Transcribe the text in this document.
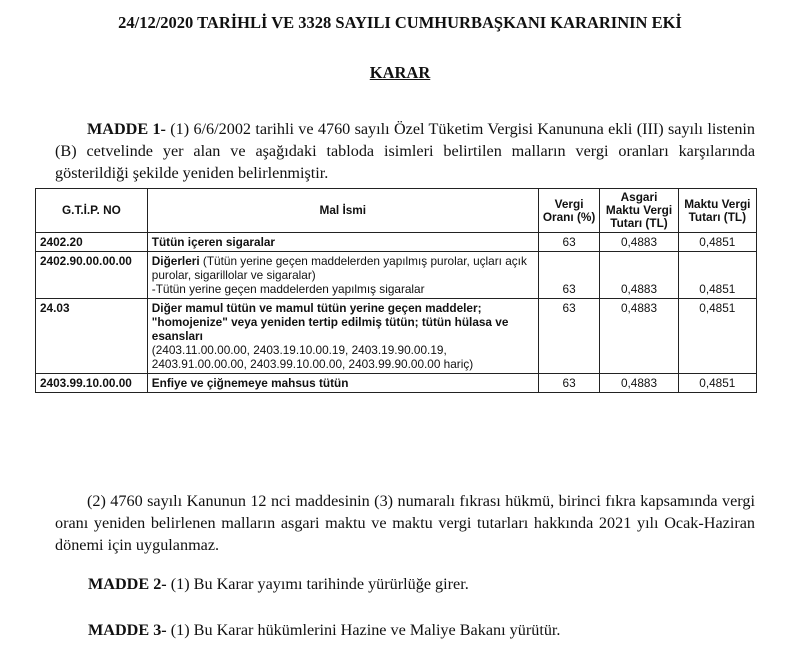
24/12/2020 TARİHLİ VE 3328 SAYILI CUMHURBAŞKANI KARARININ EKİ
KARAR
MADDE 1- (1) 6/6/2002 tarihli ve 4760 sayılı Özel Tüketim Vergisi Kanununa ekli (III) sayılı listenin (B) cetvelinde yer alan ve aşağıdaki tabloda isimleri belirtilen malların vergi oranları karşılarında gösterildiği şekilde yeniden belirlenmiştir.
G.T.İ.P. NO	Mal İsmi	Vergi Oranı (%)	Asgari Maktu Vergi Tutarı (TL)	Maktu Vergi Tutarı (TL)
2402.20	Tütün içeren sigaralar	63	0,4883	0,4851
2402.90.00.00.00	Diğerleri (Tütün yerine geçen maddelerden yapılmış purolar, uçları açık purolar, sigarillolar ve sigaralar)
-Tütün yerine geçen maddelerden yapılmış sigaralar	63	0,4883	0,4851
24.03	Diğer mamul tütün ve mamul tütün yerine geçen maddeler; "homojenize" veya yeniden tertip edilmiş tütün; tütün hülasa ve esansları
(2403.11.00.00.00, 2403.19.10.00.19, 2403.19.90.00.19, 2403.91.00.00.00, 2403.99.10.00.00, 2403.99.90.00.00 hariç)	63	0,4883	0,4851
2403.99.10.00.00	Enfiye ve çiğnemeye mahsus tütün	63	0,4883	0,4851
(2) 4760 sayılı Kanunun 12 nci maddesinin (3) numaralı fıkrası hükmü, birinci fıkra kapsamında vergi oranı yeniden belirlenen malların asgari maktu ve maktu vergi tutarları hakkında 2021 yılı Ocak-Haziran dönemi için uygulanmaz.
MADDE 2- (1) Bu Karar yayımı tarihinde yürürlüğe girer.
MADDE 3- (1) Bu Karar hükümlerini Hazine ve Maliye Bakanı yürütür.
